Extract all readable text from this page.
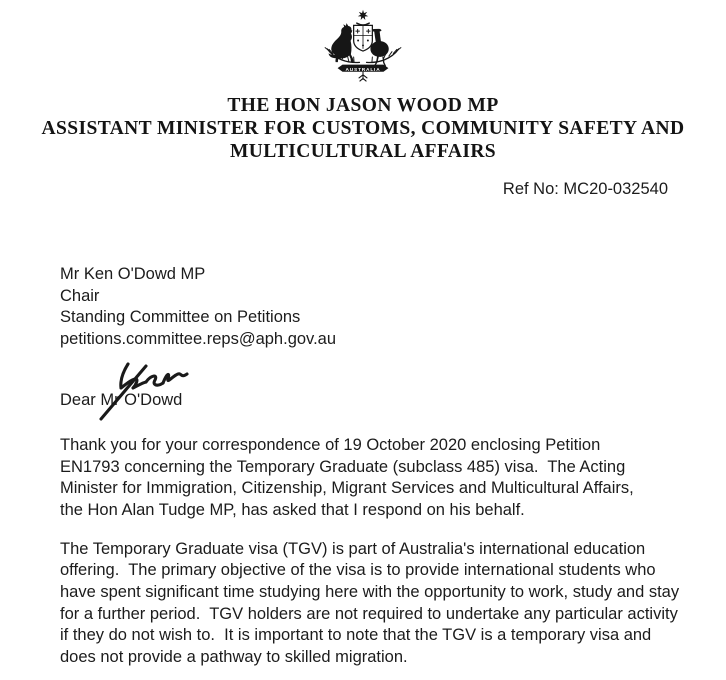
AUSTRALIA
THE HON JASON WOOD MP
ASSISTANT MINISTER FOR CUSTOMS, COMMUNITY SAFETY AND
MULTICULTURAL AFFAIRS
Ref No: MC20-032540
Mr Ken O'Dowd MP
Chair
Standing Committee on Petitions
petitions.committee.reps@aph.gov.au
Dear Mr O'Dowd
Thank you for your correspondence of 19 October 2020 enclosing Petition
EN1793 concerning the Temporary Graduate (subclass 485) visa.  The Acting
Minister for Immigration, Citizenship, Migrant Services and Multicultural Affairs,
the Hon Alan Tudge MP, has asked that I respond on his behalf.
The Temporary Graduate visa (TGV) is part of Australia's international education
offering.  The primary objective of the visa is to provide international students who
have spent significant time studying here with the opportunity to work, study and stay
for a further period.  TGV holders are not required to undertake any particular activity
if they do not wish to.  It is important to note that the TGV is a temporary visa and
does not provide a pathway to skilled migration.
